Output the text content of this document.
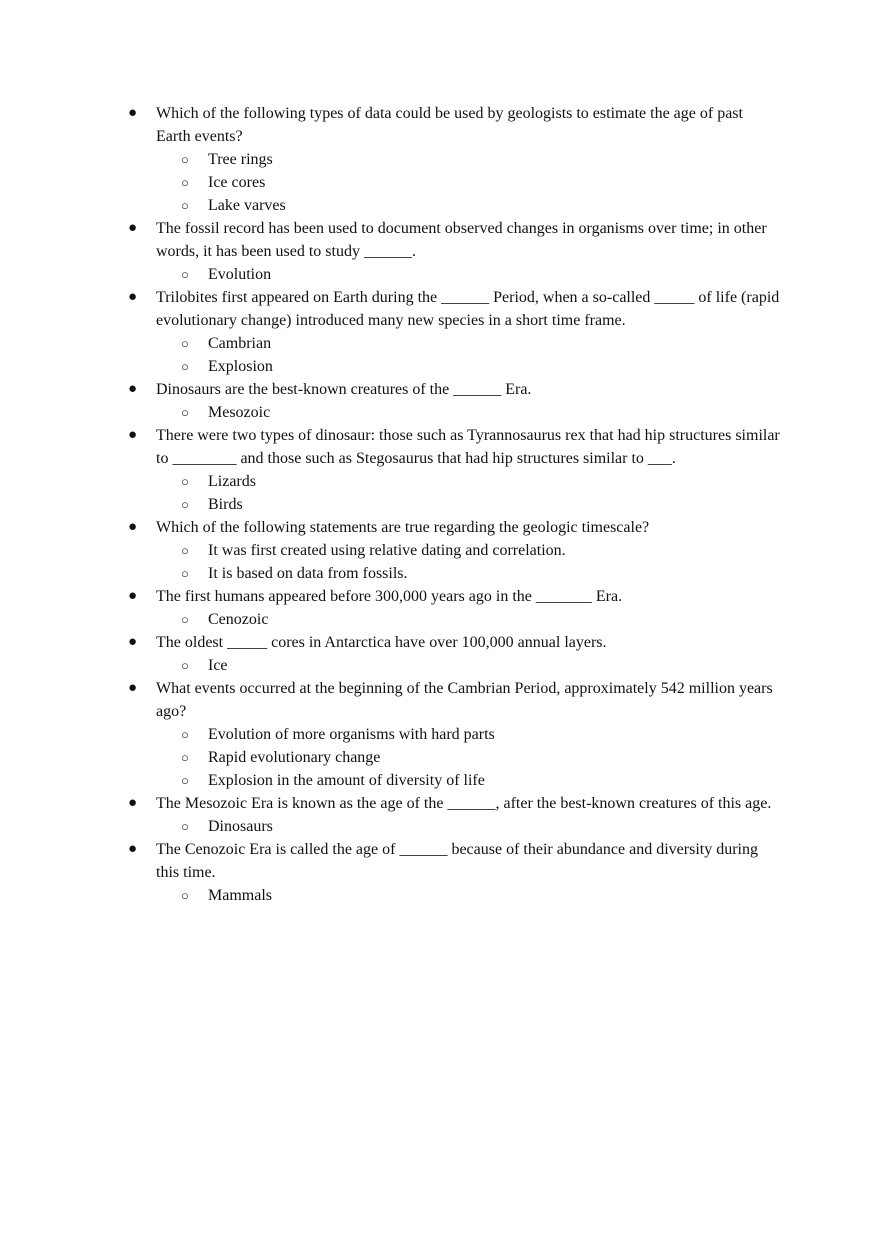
● Which of the following types of data could be used by geologists to estimate the age of past Earth events?
○ Tree rings
○ Ice cores
○ Lake varves
● The fossil record has been used to document observed changes in organisms over time; in other words, it has been used to study ______.
○ Evolution
● Trilobites first appeared on Earth during the ______ Period, when a so-called _____ of life (rapid evolutionary change) introduced many new species in a short time frame.
○ Cambrian
○ Explosion
● Dinosaurs are the best-known creatures of the ______ Era.
○ Mesozoic
● There were two types of dinosaur: those such as Tyrannosaurus rex that had hip structures similar to ________ and those such as Stegosaurus that had hip structures similar to ___.
○ Lizards
○ Birds
● Which of the following statements are true regarding the geologic timescale?
○ It was first created using relative dating and correlation.
○ It is based on data from fossils.
● The first humans appeared before 300,000 years ago in the _______ Era.
○ Cenozoic
● The oldest _____ cores in Antarctica have over 100,000 annual layers.
○ Ice
● What events occurred at the beginning of the Cambrian Period, approximately 542 million years ago?
○ Evolution of more organisms with hard parts
○ Rapid evolutionary change
○ Explosion in the amount of diversity of life
● The Mesozoic Era is known as the age of the ______, after the best-known creatures of this age.
○ Dinosaurs
● The Cenozoic Era is called the age of ______ because of their abundance and diversity during this time.
○ Mammals
